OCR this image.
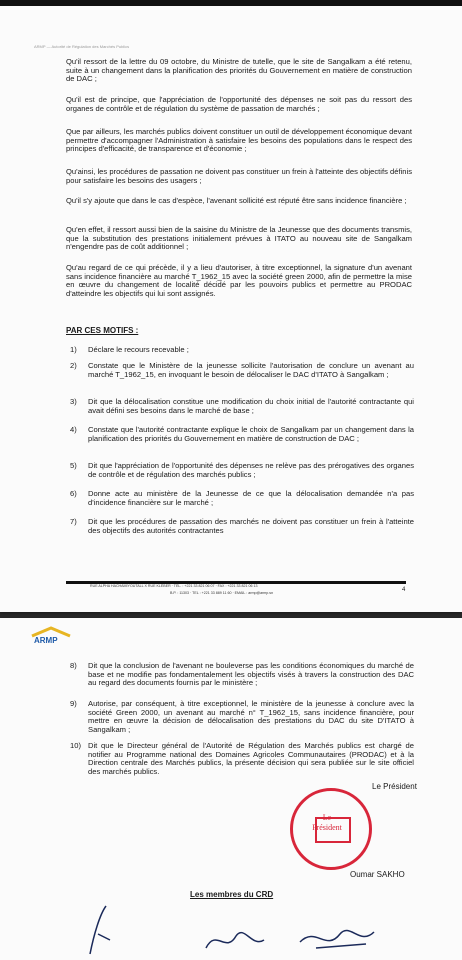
ARMP — Autorité de Régulation des Marchés Publics
Qu'il ressort de la lettre du 09 octobre, du Ministre de tutelle, que le site de Sangalkam a été retenu, suite à un changement dans la planification des priorités du Gouvernement en matière de construction de DAC ;
Qu'il est de principe, que l'appréciation de l'opportunité des dépenses ne soit pas du ressort des organes de contrôle et de régulation du système de passation de marchés ;
Que par ailleurs, les marchés publics doivent constituer un outil de développement économique devant permettre d'accompagner l'Administration à satisfaire les besoins des populations dans le respect des principes d'efficacité, de transparence et d'économie ;
Qu'ainsi, les procédures de passation ne doivent pas constituer un frein à l'atteinte des objectifs définis pour satisfaire les besoins des usagers ;
Qu'il s'y ajoute que dans le cas d'espèce, l'avenant sollicité est réputé être sans incidence financière ;
Qu'en effet, il ressort aussi bien de la saisine du Ministre de la Jeunesse que des documents transmis, que la substitution des prestations initialement prévues à ITATO au nouveau site de Sangalkam n'engendre pas de coût additionnel ;
Qu'au regard de ce qui précède, il y a lieu d'autoriser, à titre exceptionnel, la signature d'un avenant sans incidence financière au marché T_1962_15 avec la société green 2000, afin de permettre la mise en œuvre du changement de localité décidé par les pouvoirs publics et permettre au PRODAC d'atteindre les objectifs qui lui sont assignés.
PAR CES MOTIFS :
1)	Déclare le recours recevable ;
2)	Constate que le Ministère de la jeunesse sollicite l'autorisation de conclure un avenant au marché T_1962_15, en invoquant le besoin de délocaliser le DAC d'ITATO à Sangalkam ;
3)	Dit que la délocalisation constitue une modification du choix initial de l'autorité contractante qui avait défini ses besoins dans le marché de base ;
4)	Constate que l'autorité contractante explique le choix de Sangalkam par un changement dans la planification des priorités du Gouvernement en matière de construction de DAC ;
5)	Dit que l'appréciation de l'opportunité des dépenses ne relève pas des prérogatives des organes de contrôle et de régulation des marchés publics ;
6)	Donne acte au ministère de la Jeunesse de ce que la délocalisation demandée n'a pas d'incidence financière sur le marché ;
7)	Dit que les procédures de passation des marchés ne doivent pas constituer un frein à l'atteinte des objectifs des autorités contractantes
RUE ALPHA HACHAMIYOUTALL X RUE KLÉBER · TÉL. : +221 33 821 06 07 · FAX : +221 33 821 06 13
B.P. : 11303 · TEL : +221 33 889 11 60 · EMAIL : armp@armp.sn	4
ARMP
8)	Dit que la conclusion de l'avenant ne bouleverse pas les conditions économiques du marché de base et ne modifie pas fondamentalement les objectifs visés à travers la construction des DAC au regard des documents fournis par le ministère ;
9)	Autorise, par conséquent, à titre exceptionnel, le ministère de la jeunesse à conclure avec la société Green 2000, un avenant au marché n° T_1962_15, sans incidence financière, pour mettre en œuvre la décision de délocalisation des prestations du DAC du site D'ITATO à Sangalkam ;
10) Dit que le Directeur général de l'Autorité de Régulation des Marchés publics est chargé de notifier au Programme national des Domaines Agricoles Communautaires (PRODAC) et à la Direction centrale des Marchés publics, la présente décision qui sera publiée sur le site officiel des marchés publics.
Le Président
Le Président
Oumar SAKHO
Les membres du CRD
